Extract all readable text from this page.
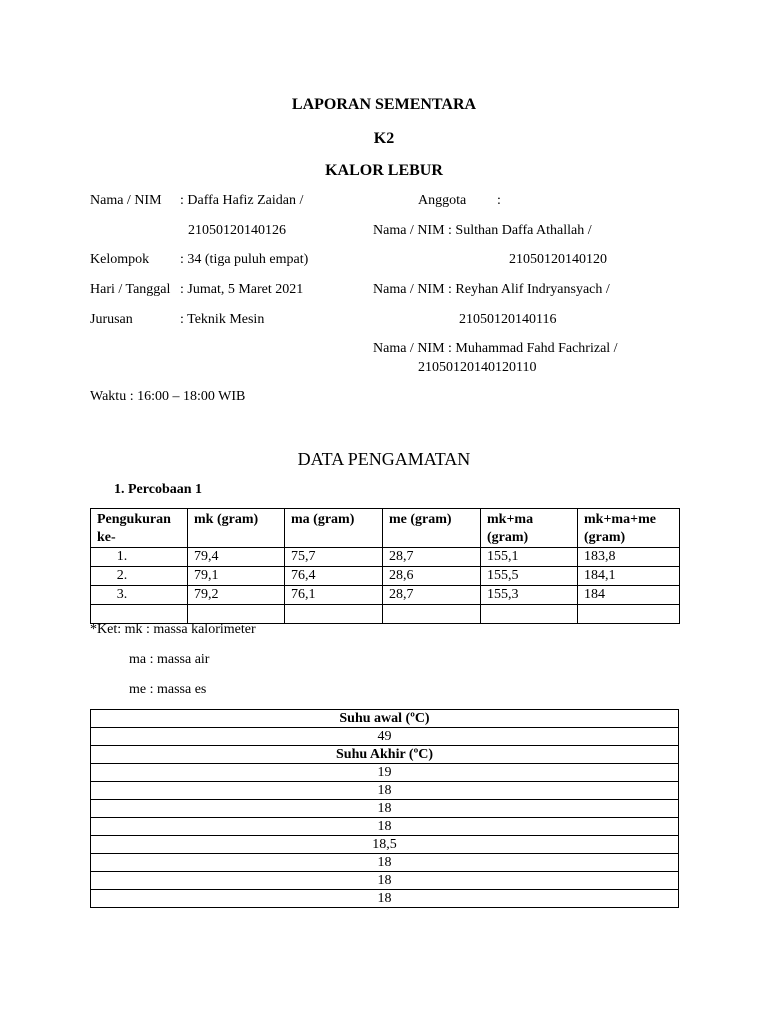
LAPORAN SEMENTARA
K2
KALOR LEBUR
Nama / NIM : Daffa Hafiz Zaidan /
21050120140126
Kelompok : 34 (tiga puluh empat)
Hari / Tanggal : Jumat, 5 Maret 2021
Jurusan	: Teknik Mesin
Waktu : 16:00 – 18:00 WIB
Anggota :
Nama / NIM : Sulthan Daffa Athallah /
21050120140120
Nama / NIM : Reyhan Alif Indryansyach /
21050120140116
Nama / NIM : Muhammad Fahd Fachrizal /
21050120140120110
DATA PENGAMATAN
1. Percobaan 1
Pengukuran ke-	mk (gram)	ma (gram)	me (gram)	mk+ma (gram)	mk+ma+me (gram)
1.	79,4	75,7	28,7	155,1	183,8
2.	79,1	76,4	28,6	155,5	184,1
3.	79,2	76,1	28,7	155,3	184

*Ket: mk : massa kalorimeter
ma : massa air
me : massa es
Suhu awal (ºC)
49
Suhu Akhir (ºC)
19
18
18
18
18,5
18
18
18
